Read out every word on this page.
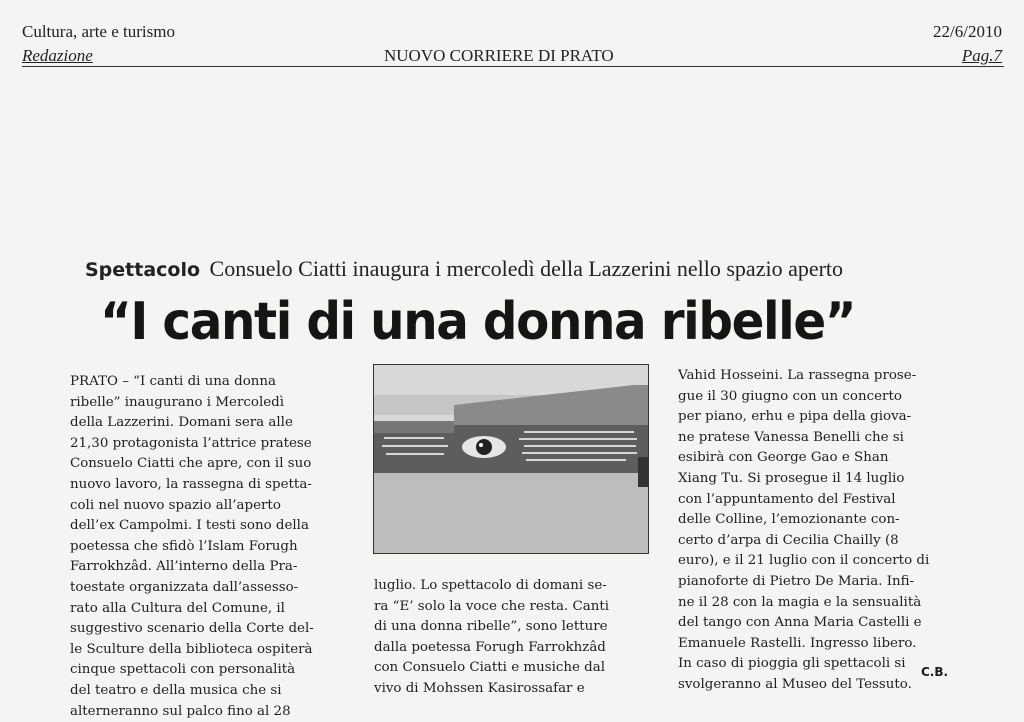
Cultura, arte e turismo
Redazione	NUOVO CORRIERE DI PRATO
22/6/2010
Pag.7
Spettacolo Consuelo Ciatti inaugura i mercoledì della Lazzerini nello spazio aperto
“I canti di una donna ribelle”
PRATO – “I canti di una donna
ribelle” inaugurano i Mercoledì
della Lazzerini. Domani sera alle
21,30 protagonista l’attrice pratese
Consuelo Ciatti che apre, con il suo
nuovo lavoro, la rassegna di spetta-
coli nel nuovo spazio all’aperto
dell’ex Campolmi. I testi sono della
poetessa che sfidò l’Islam Forugh
Farrokhzâd. All’interno della Pra-
toestate organizzata dall’assesso-
rato alla Cultura del Comune, il
suggestivo scenario della Corte del-
le Sculture della biblioteca ospiterà
cinque spettacoli con personalità
del teatro e della musica che si
alterneranno sul palco fino al 28
luglio. Lo spettacolo di domani se-
ra “E’ solo la voce che resta. Canti
di una donna ribelle”, sono letture
dalla poetessa Forugh Farrokhzâd
con Consuelo Ciatti e musiche dal
vivo di Mohssen Kasirossafar e
Vahid Hosseini. La rassegna prose-
gue il 30 giugno con un concerto
per piano, erhu e pipa della giova-
ne pratese Vanessa Benelli che si
esibirà con George Gao e Shan
Xiang Tu. Si prosegue il 14 luglio
con l’appuntamento del Festival
delle Colline, l’emozionante con-
certo d’arpa di Cecilia Chailly (8
euro), e il 21 luglio con il concerto di
pianoforte di Pietro De Maria. Infi-
ne il 28 con la magia e la sensualità
del tango con Anna Maria Castelli e
Emanuele Rastelli. Ingresso libero.
In caso di pioggia gli spettacoli si
svolgeranno al Museo del Tessuto.
C.B.
